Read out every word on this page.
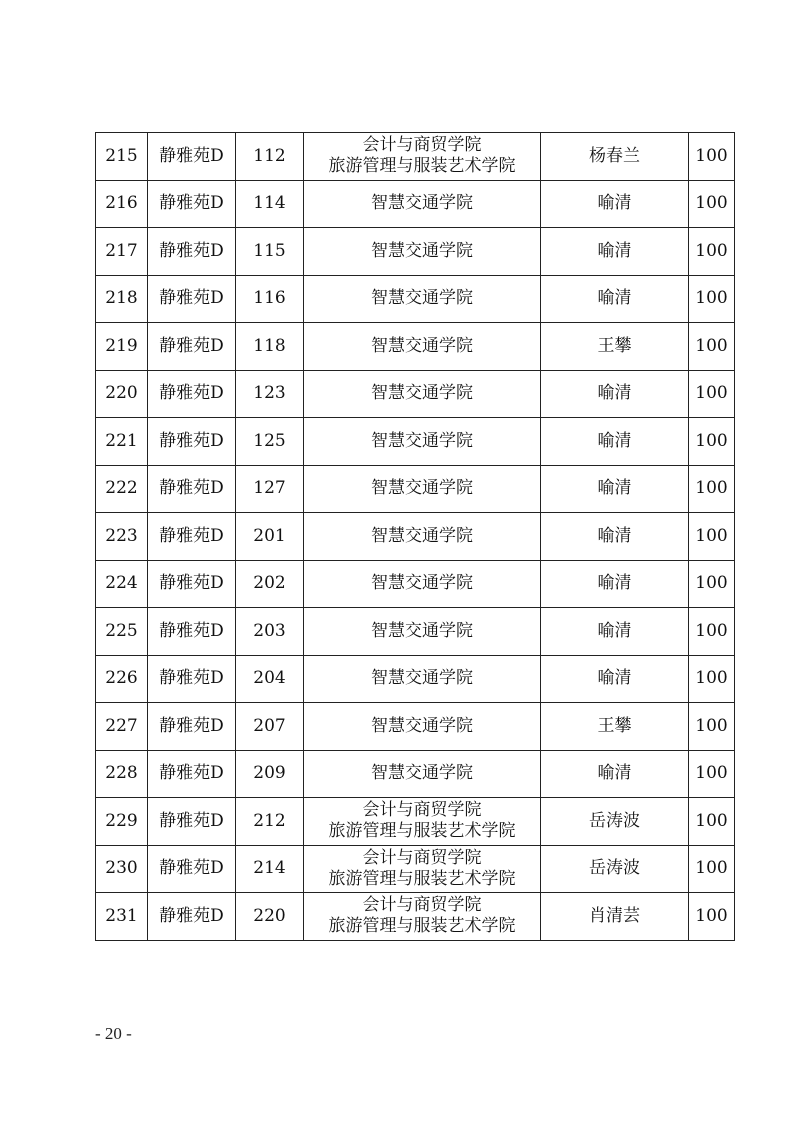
215	静雅苑D	112	会计与商贸学院
旅游管理与服装艺术学院	杨春兰	100
216	静雅苑D	114	智慧交通学院	喻清	100
217	静雅苑D	115	智慧交通学院	喻清	100
218	静雅苑D	116	智慧交通学院	喻清	100
219	静雅苑D	118	智慧交通学院	王攀	100
220	静雅苑D	123	智慧交通学院	喻清	100
221	静雅苑D	125	智慧交通学院	喻清	100
222	静雅苑D	127	智慧交通学院	喻清	100
223	静雅苑D	201	智慧交通学院	喻清	100
224	静雅苑D	202	智慧交通学院	喻清	100
225	静雅苑D	203	智慧交通学院	喻清	100
226	静雅苑D	204	智慧交通学院	喻清	100
227	静雅苑D	207	智慧交通学院	王攀	100
228	静雅苑D	209	智慧交通学院	喻清	100
229	静雅苑D	212	会计与商贸学院
旅游管理与服装艺术学院	岳涛波	100
230	静雅苑D	214	会计与商贸学院
旅游管理与服装艺术学院	岳涛波	100
231	静雅苑D	220	会计与商贸学院
旅游管理与服装艺术学院	肖清芸	100
- 20 -
